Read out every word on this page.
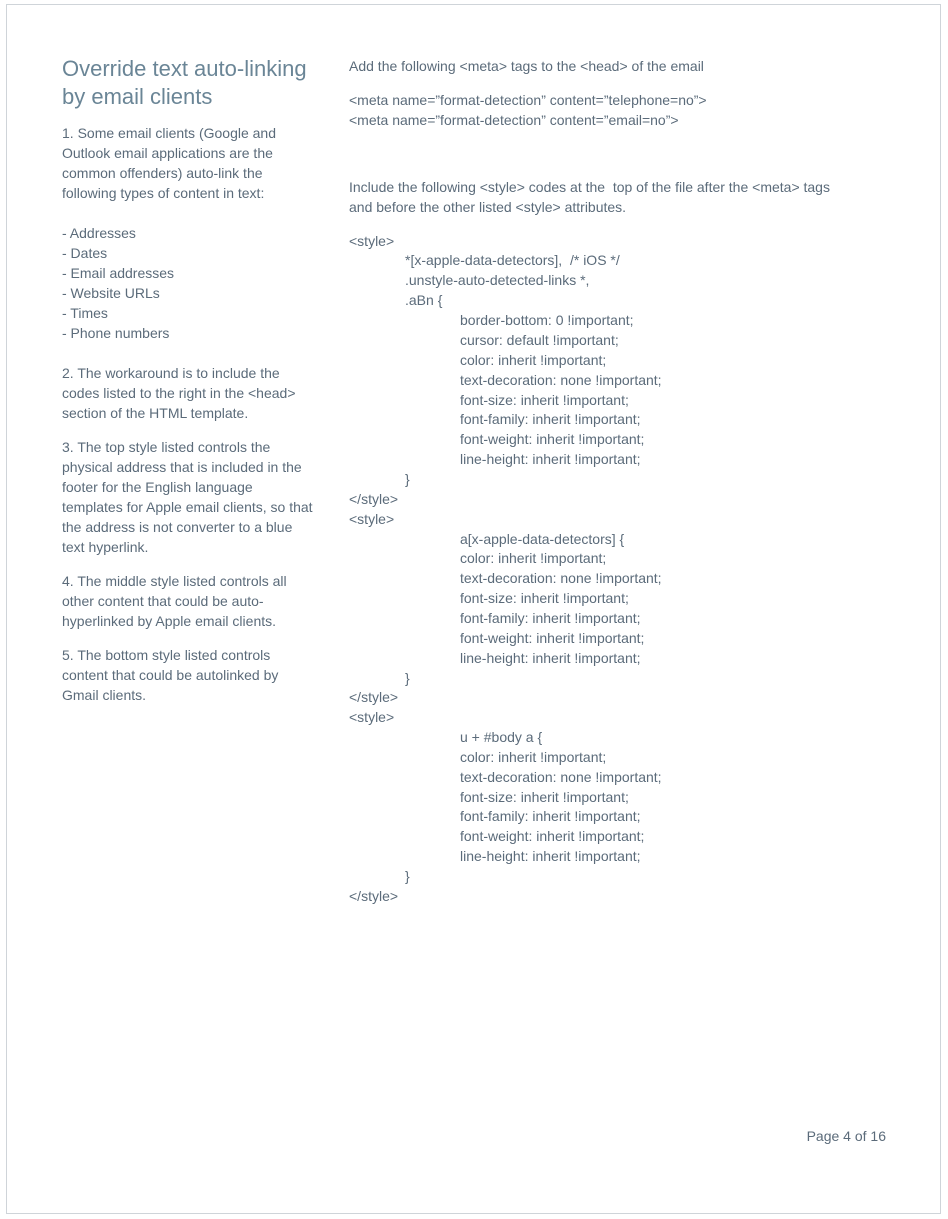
Override text auto-linking by email clients

1. Some email clients (Google and Outlook email applications are the common offenders) auto-link the following types of content in text:

- Addresses
- Dates
- Email addresses
- Website URLs
- Times
- Phone numbers

2. The workaround is to include the codes listed to the right in the <head> section of the HTML template.

3. The top style listed controls the physical address that is included in the footer for the English language templates for Apple email clients, so that the address is not converter to a blue text hyperlink.

4. The middle style listed controls all other content that could be auto-hyperlinked by Apple email clients.

5. The bottom style listed controls content that could be autolinked by Gmail clients.

Add the following <meta> tags to the <head> of the email
<meta name=”format-detection” content=”telephone=no”>
<meta name=”format-detection” content=”email=no”>
Include the following <style> codes at the  top of the file after the <meta> tags
and before the other listed <style> attributes.
<style>
*[x-apple-data-detectors],  /* iOS */
.unstyle-auto-detected-links *,
.aBn {
border-bottom: 0 !important;
cursor: default !important;
color: inherit !important;
text-decoration: none !important;
font-size: inherit !important;
font-family: inherit !important;
font-weight: inherit !important;
line-height: inherit !important;
}
</style>
<style>
a[x-apple-data-detectors] {
color: inherit !important;
text-decoration: none !important;
font-size: inherit !important;
font-family: inherit !important;
font-weight: inherit !important;
line-height: inherit !important;
}
</style>
<style>
u + #body a {
color: inherit !important;
text-decoration: none !important;
font-size: inherit !important;
font-family: inherit !important;
font-weight: inherit !important;
line-height: inherit !important;
}
</style>
Page 4 of 16
